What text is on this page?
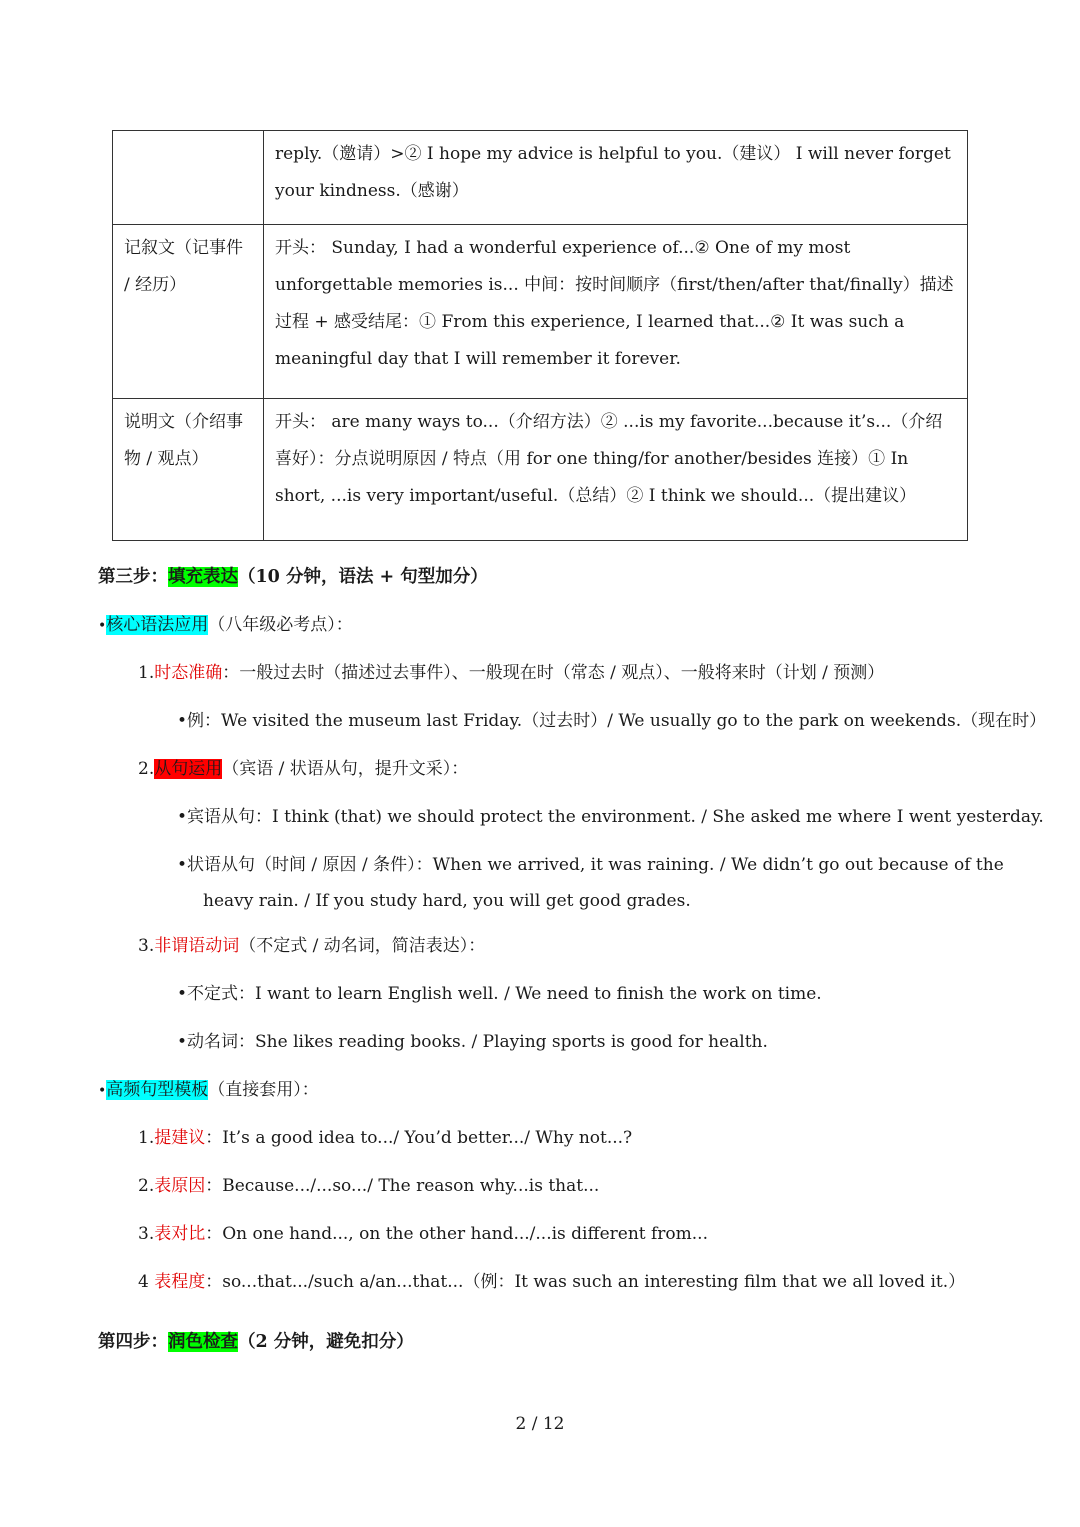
	reply.（邀请）>② I hope my advice is helpful to you.（建议） I will never forget your kindness.（感谢）
记叙文（记事件 / 经历）	开头： Sunday, I had a wonderful experience of...② One of my most unforgettable memories is... 中间：按时间顺序（first/then/after that/finally）描述过程 + 感受结尾：① From this experience, I learned that...② It was such a meaningful day that I will remember it forever.
说明文（介绍事物 / 观点）	开头： are many ways to...（介绍方法）② ...is my favorite...because it’s...（介绍喜好）：分点说明原因 / 特点（用 for one thing/for another/besides 连接）① In short, ...is very important/useful.（总结）② I think we should...（提出建议）
第三步：填充表达（10 分钟，语法 + 句型加分）
•核心语法应用（八年级必考点）：
1.时态准确：一般过去时（描述过去事件）、一般现在时（常态 / 观点）、一般将来时（计划 / 预测）
•例：We visited the museum last Friday.（过去时）/ We usually go to the park on weekends.（现在时）
2.从句运用（宾语 / 状语从句，提升文采）：
•宾语从句：I think (that) we should protect the environment. / She asked me where I went yesterday.
•状语从句（时间 / 原因 / 条件）：When we arrived, it was raining. / We didn’t go out because of the
heavy rain. / If you study hard, you will get good grades.
3.非谓语动词（不定式 / 动名词，简洁表达）：
•不定式：I want to learn English well. / We need to finish the work on time.
•动名词：She likes reading books. / Playing sports is good for health.
•高频句型模板（直接套用）：
1.提建议：It’s a good idea to.../ You’d better.../ Why not...?
2.表原因：Because.../...so.../ The reason why...is that...
3.表对比：On one hand..., on the other hand.../...is different from...
4 表程度：so...that.../such a/an...that...（例：It was such an interesting film that we all loved it.）
第四步：润色检查（2 分钟，避免扣分）
2 / 12
